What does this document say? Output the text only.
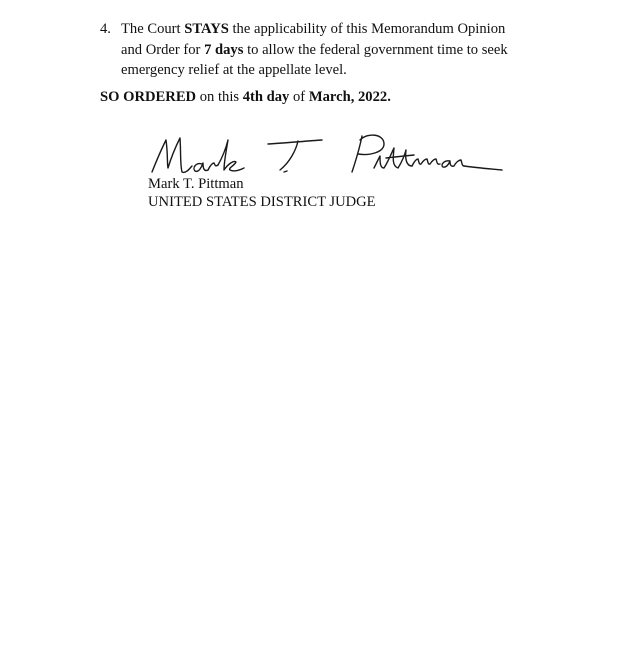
4. The Court STAYS the applicability of this Memorandum Opinion
and Order for 7 days to allow the federal government time to seek
emergency relief at the appellate level.
SO ORDERED on this 4th day of March, 2022.
Mark T. Pittman
UNITED STATES DISTRICT JUDGE
